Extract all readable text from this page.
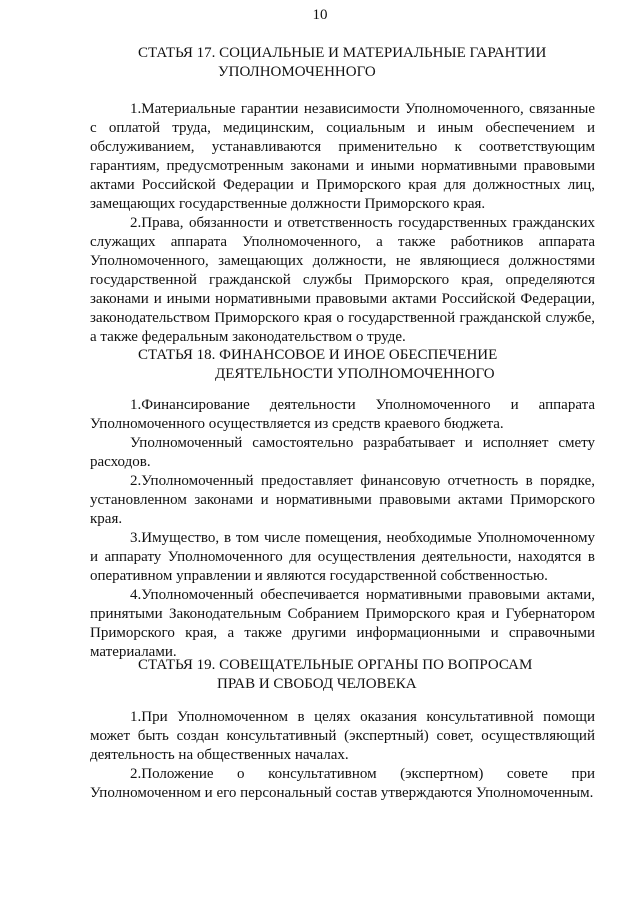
10
СТАТЬЯ 17. СОЦИАЛЬНЫЕ И МАТЕРИАЛЬНЫЕ ГАРАНТИИ
УПОЛНОМОЧЕННОГО

1.Материальные гарантии независимости Уполномоченного, связанные с оплатой труда, медицинским, социальным и иным обеспечением и обслуживанием, устанавливаются применительно к соответствующим гарантиям, предусмотренным законами и иными нормативными правовыми актами Российской Федерации и Приморского края для должностных лиц, замещающих государственные должности Приморского края.

2.Права, обязанности и ответственность государственных гражданских служащих аппарата Уполномоченного, а также работников аппарата Уполномоченного, замещающих должности, не являющиеся должностями государственной гражданской службы Приморского края, определяются законами и иными нормативными правовыми актами Российской Федерации, законодательством Приморского края о государственной гражданской службе, а также федеральным законодательством о труде.

СТАТЬЯ 18. ФИНАНСОВОЕ И ИНОЕ ОБЕСПЕЧЕНИЕ
ДЕЯТЕЛЬНОСТИ УПОЛНОМОЧЕННОГО

1.Финансирование деятельности Уполномоченного и аппарата Уполномоченного осуществляется из средств краевого бюджета.

Уполномоченный самостоятельно разрабатывает и исполняет смету расходов.

2.Уполномоченный предоставляет финансовую отчетность в порядке, установленном законами и нормативными правовыми актами Приморского края.

3.Имущество, в том числе помещения, необходимые Уполномоченному и аппарату Уполномоченного для осуществления деятельности, находятся в оперативном управлении и являются государственной собственностью.

4.Уполномоченный обеспечивается нормативными правовыми актами, принятыми Законодательным Собранием Приморского края и Губернатором Приморского края, а также другими информационными и справочными материалами.

СТАТЬЯ 19. СОВЕЩАТЕЛЬНЫЕ ОРГАНЫ ПО ВОПРОСАМ
ПРАВ И СВОБОД ЧЕЛОВЕКА

1.При Уполномоченном в целях оказания консультативной помощи может быть создан консультативный (экспертный) совет, осуществляющий деятельность на общественных началах.

2.Положение о консультативном (экспертном) совете при Уполномоченном и его персональный состав утверждаются Уполномоченным.
